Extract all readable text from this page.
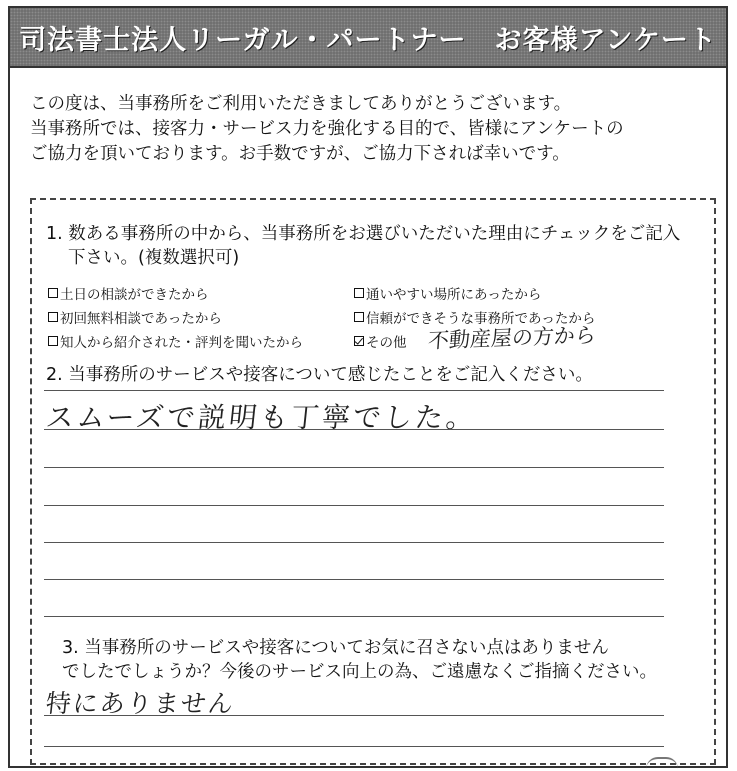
司法書士法人リーガル・パートナー　お客様アンケート
この度は、当事務所をご利用いただきましてありがとうございます。
当事務所では、接客力・サービス力を強化する目的で、皆様にアンケートの
ご協力を頂いております。お手数ですが、ご協力下されば幸いです。
1. 数ある事務所の中から、当事務所をお選びいただいた理由にチェックをご記入
下さい。(複数選択可)
土日の相談ができたから
初回無料相談であったから
知人から紹介された・評判を聞いたから
通いやすい場所にあったから
信頼ができそうな事務所であったから
その他 不動産屋の方から
2. 当事務所のサービスや接客について感じたことをご記入ください。
スムーズで説明も丁寧でした。
3. 当事務所のサービスや接客についてお気に召さない点はありません
でしたでしょうか？今後のサービス向上の為、ご遠慮なくご指摘ください。
特にありません
